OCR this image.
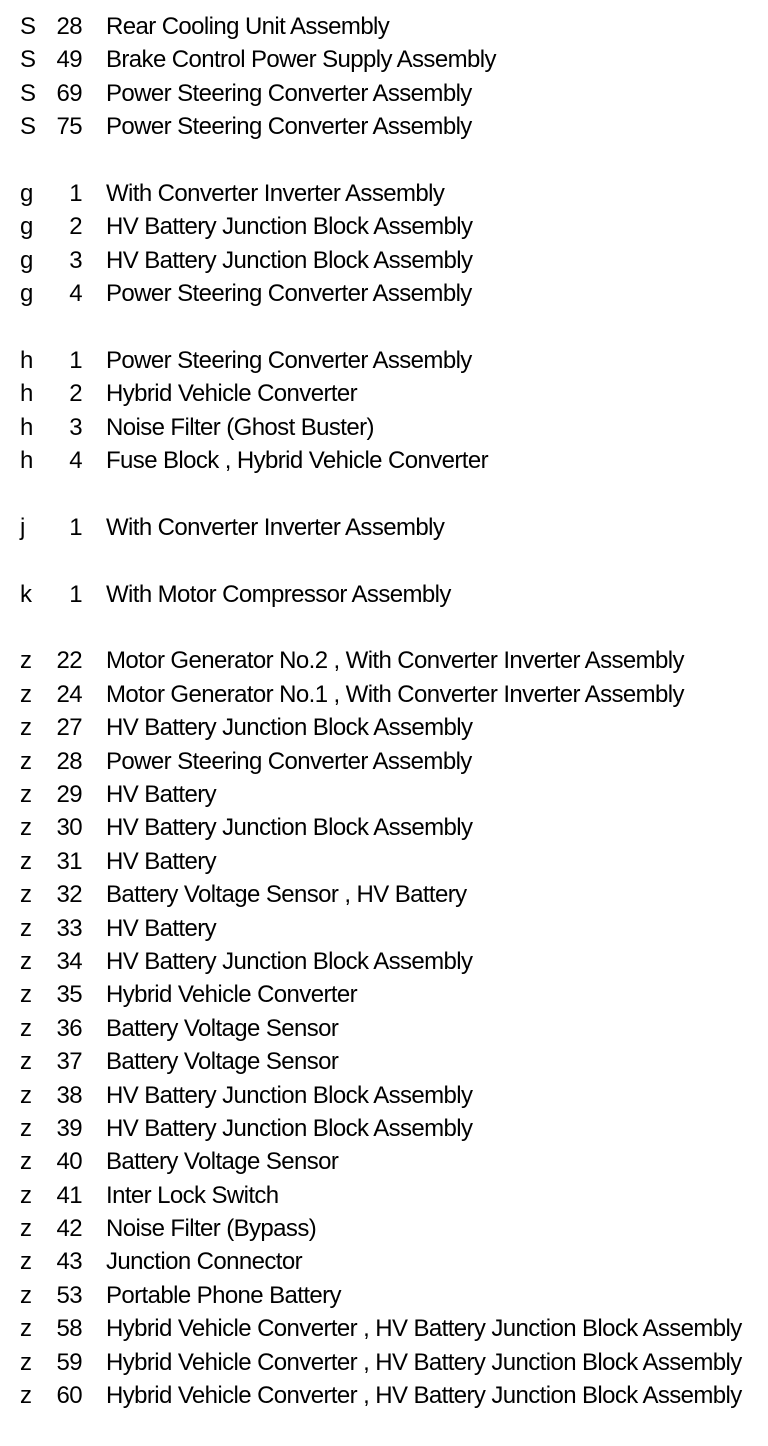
S 28 Rear Cooling Unit Assembly
S 49 Brake Control Power Supply Assembly
S 69 Power Steering Converter Assembly
S 75 Power Steering Converter Assembly
g	1 With Converter Inverter Assembly
g	2 HV Battery Junction Block Assembly
g	3 HV Battery Junction Block Assembly
g	4 Power Steering Converter Assembly
h	1 Power Steering Converter Assembly
h	2 Hybrid Vehicle Converter
h	3 Noise Filter (Ghost Buster)
h	4 Fuse Block , Hybrid Vehicle Converter
j	1 With Converter Inverter Assembly
k	1 With Motor Compressor Assembly
z	22 Motor Generator No.2 , With Converter Inverter Assembly
z	24 Motor Generator No.1 , With Converter Inverter Assembly
z	27 HV Battery Junction Block Assembly
z	28 Power Steering Converter Assembly
z	29 HV Battery
z	30 HV Battery Junction Block Assembly
z	31 HV Battery
z	32 Battery Voltage Sensor , HV Battery
z	33 HV Battery
z	34 HV Battery Junction Block Assembly
z	35 Hybrid Vehicle Converter
z	36 Battery Voltage Sensor
z	37 Battery Voltage Sensor
z	38 HV Battery Junction Block Assembly
z	39 HV Battery Junction Block Assembly
z	40 Battery Voltage Sensor
z	41 Inter Lock Switch
z	42 Noise Filter (Bypass)
z	43 Junction Connector
z	53 Portable Phone Battery
z	58 Hybrid Vehicle Converter , HV Battery Junction Block Assembly
z	59 Hybrid Vehicle Converter , HV Battery Junction Block Assembly
z	60 Hybrid Vehicle Converter , HV Battery Junction Block Assembly
